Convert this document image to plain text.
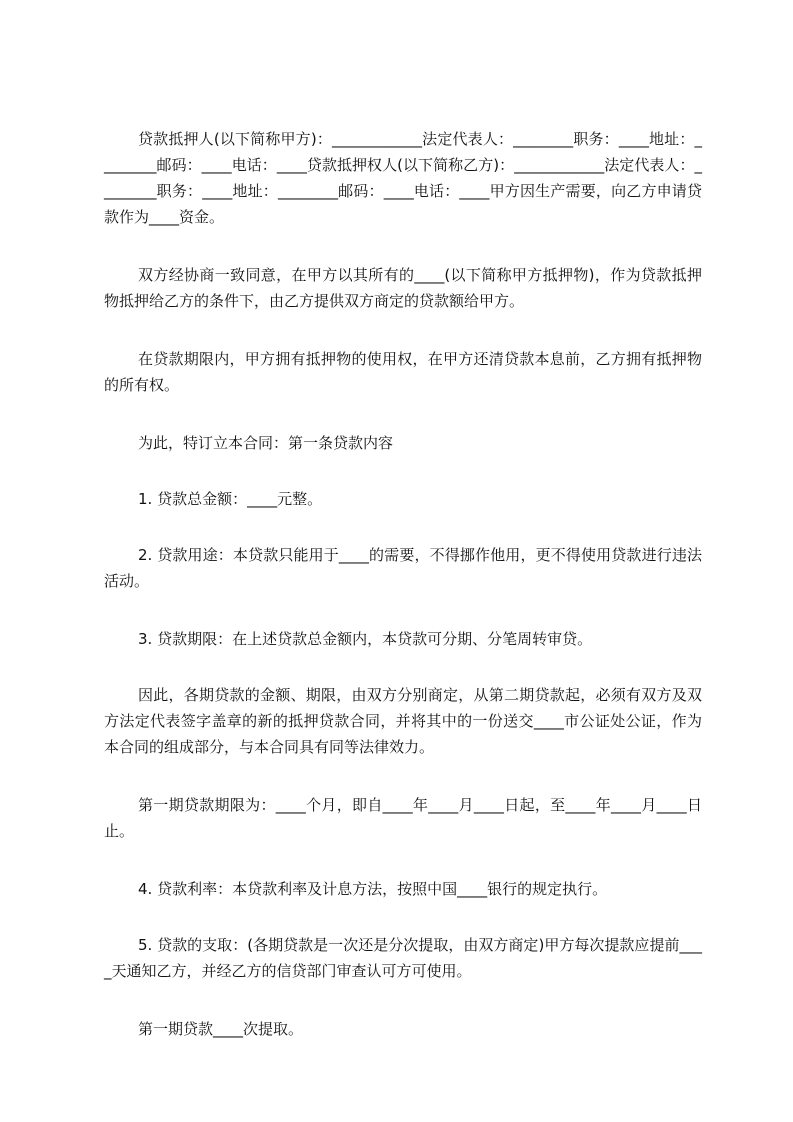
贷款抵押人(以下简称甲方)：____________法定代表人：________职务：____地址：________邮码：____电话：____贷款抵押权人(以下简称乙方)：____________法定代表人：________职务：____地址：________邮码：____电话：____甲方因生产需要，向乙方申请贷款作为____资金。

双方经协商一致同意，在甲方以其所有的____(以下简称甲方抵押物)，作为贷款抵押物抵押给乙方的条件下，由乙方提供双方商定的贷款额给甲方。

在贷款期限内，甲方拥有抵押物的使用权，在甲方还清贷款本息前，乙方拥有抵押物的所有权。

为此，特订立本合同：第一条贷款内容

1. 贷款总金额：____元整。

2. 贷款用途：本贷款只能用于____的需要，不得挪作他用，更不得使用贷款进行违法活动。

3. 贷款期限：在上述贷款总金额内，本贷款可分期、分笔周转审贷。

因此，各期贷款的金额、期限，由双方分别商定，从第二期贷款起，必须有双方及双方法定代表签字盖章的新的抵押贷款合同，并将其中的一份送交____市公证处公证，作为本合同的组成部分，与本合同具有同等法律效力。

第一期贷款期限为：____个月，即自____年____月____日起，至____年____月____日止。

4. 贷款利率：本贷款利率及计息方法，按照中国____银行的规定执行。

5. 贷款的支取：(各期贷款是一次还是分次提取，由双方商定)甲方每次提款应提前____天通知乙方，并经乙方的信贷部门审查认可方可使用。

第一期贷款____次提取。
